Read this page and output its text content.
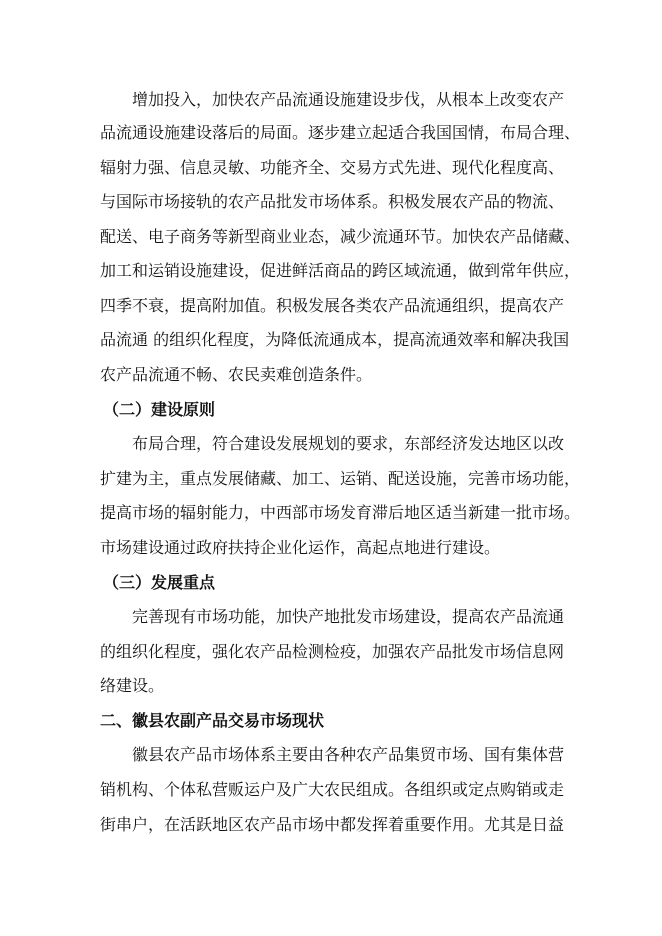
增加投入，加快农产品流通设施建设步伐，从根本上改变农产
品流通设施建设落后的局面。逐步建立起适合我国国情，布局合理、
辐射力强、信息灵敏、功能齐全、交易方式先进、现代化程度高、
与国际市场接轨的农产品批发市场体系。积极发展农产品的物流、
配送、电子商务等新型商业业态，减少流通环节。加快农产品储藏、
加工和运销设施建设，促进鲜活商品的跨区域流通，做到常年供应，
四季不衰，提高附加值。积极发展各类农产品流通组织，提高农产
品流通 的组织化程度，为降低流通成本，提高流通效率和解决我国
农产品流通不畅、农民卖难创造条件。
（二）建设原则
布局合理，符合建设发展规划的要求，东部经济发达地区以改
扩建为主，重点发展储藏、加工、运销、配送设施，完善市场功能，
提高市场的辐射能力，中西部市场发育滞后地区适当新建一批市场。
市场建设通过政府扶持企业化运作，高起点地进行建设。
（三）发展重点
完善现有市场功能，加快产地批发市场建设，提高农产品流通
的组织化程度，强化农产品检测检疫，加强农产品批发市场信息网
络建设。
二、徽县农副产品交易市场现状
徽县农产品市场体系主要由各种农产品集贸市场、国有集体营
销机构、个体私营贩运户及广大农民组成。各组织或定点购销或走
街串户，在活跃地区农产品市场中都发挥着重要作用。尤其是日益
